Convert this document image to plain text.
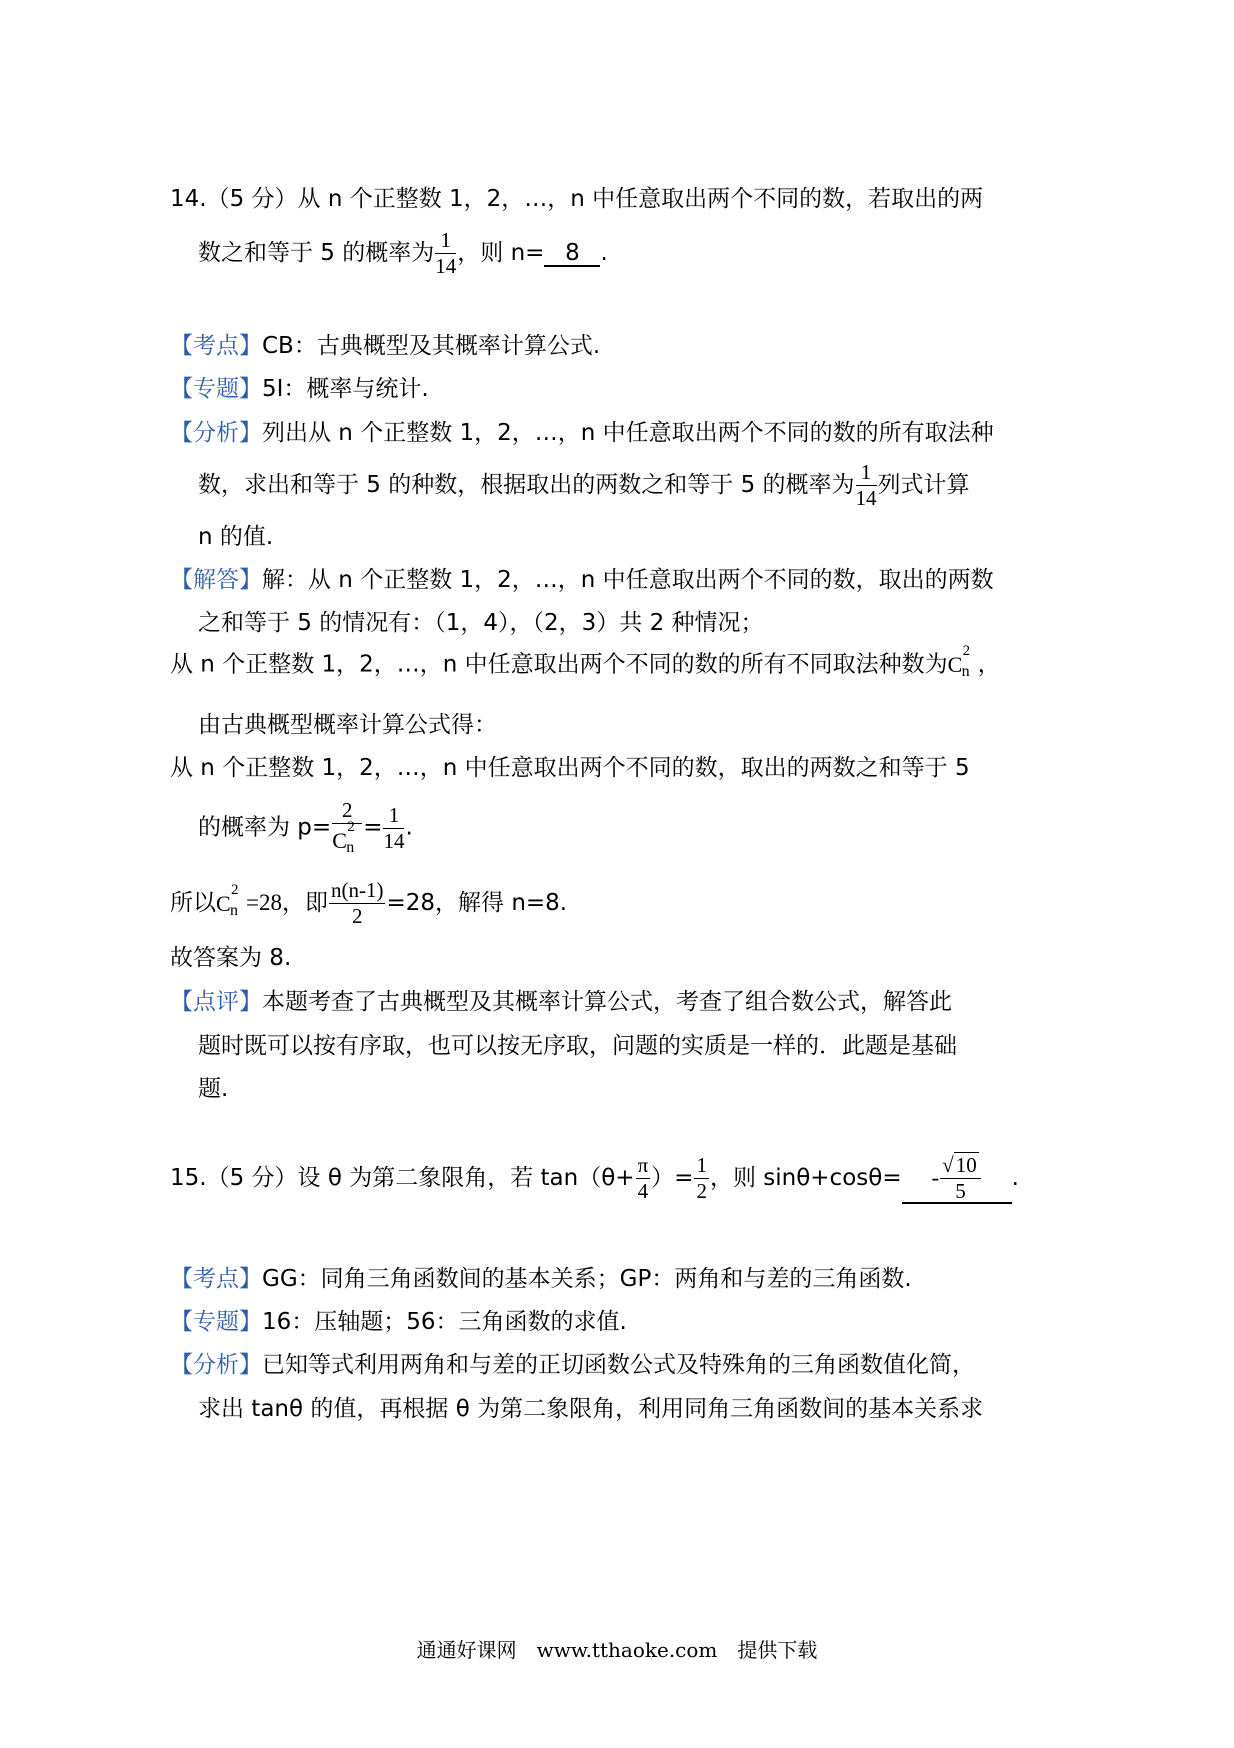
14.（5 分）从 n 个正整数 1，2，…，n 中任意取出两个不同的数，若取出的两
数之和等于 5 的概率为 $\frac{1}{14}$ ，则 n= 8 .
【考点】CB：古典概型及其概率计算公式.
【专题】5I：概率与统计.
【分析】列出从 n 个正整数 1，2，…，n 中任意取出两个不同的数的所有取法种
数，求出和等于 5 的种数，根据取出的两数之和等于 5 的概率为 $\frac{1}{14}$ 列式计算
n 的值.
【解答】解：从 n 个正整数 1，2，…，n 中任意取出两个不同的数，取出的两数
之和等于 5 的情况有：（1，4），（2，3）共 2 种情况；
从 n 个正整数 1，2，…，n 中任意取出两个不同的数的所有不同取法种数为 C
2
n ，
由古典概型概率计算公式得：
从 n 个正整数 1，2，…，n 中任意取出两个不同的数，取出的两数之和等于 5
的概率为 p= 2
C
2
$n = \frac{1}{14}$ .
所以 C
2
n =28，即 $\frac{n(n-1)}{2} =28$，解得 n=8.
故答案为 8.
【点评】本题考查了古典概型及其概率计算公式，考查了组合数公式，解答此
题时既可以按有序取，也可以按无序取，问题的实质是一样的．此题是基础
题.
15.（5 分）设 θ 为第二象限角，若 $\tan(\theta+ \frac{\pi}{4}$ ）= $\frac{1}{2}$ ，则 $\sin\theta+\cos\theta= - \frac{√10}{5}$ .
【考点】GG：同角三角函数间的基本关系；GP：两角和与差的三角函数.
【专题】16：压轴题；56：三角函数的求值.
【分析】已知等式利用两角和与差的正切函数公式及特殊角的三角函数值化简，
求出 tanθ 的值，再根据 θ 为第二象限角，利用同角三角函数间的基本关系求
通通好课网　www.tthaoke.com　提供下载
